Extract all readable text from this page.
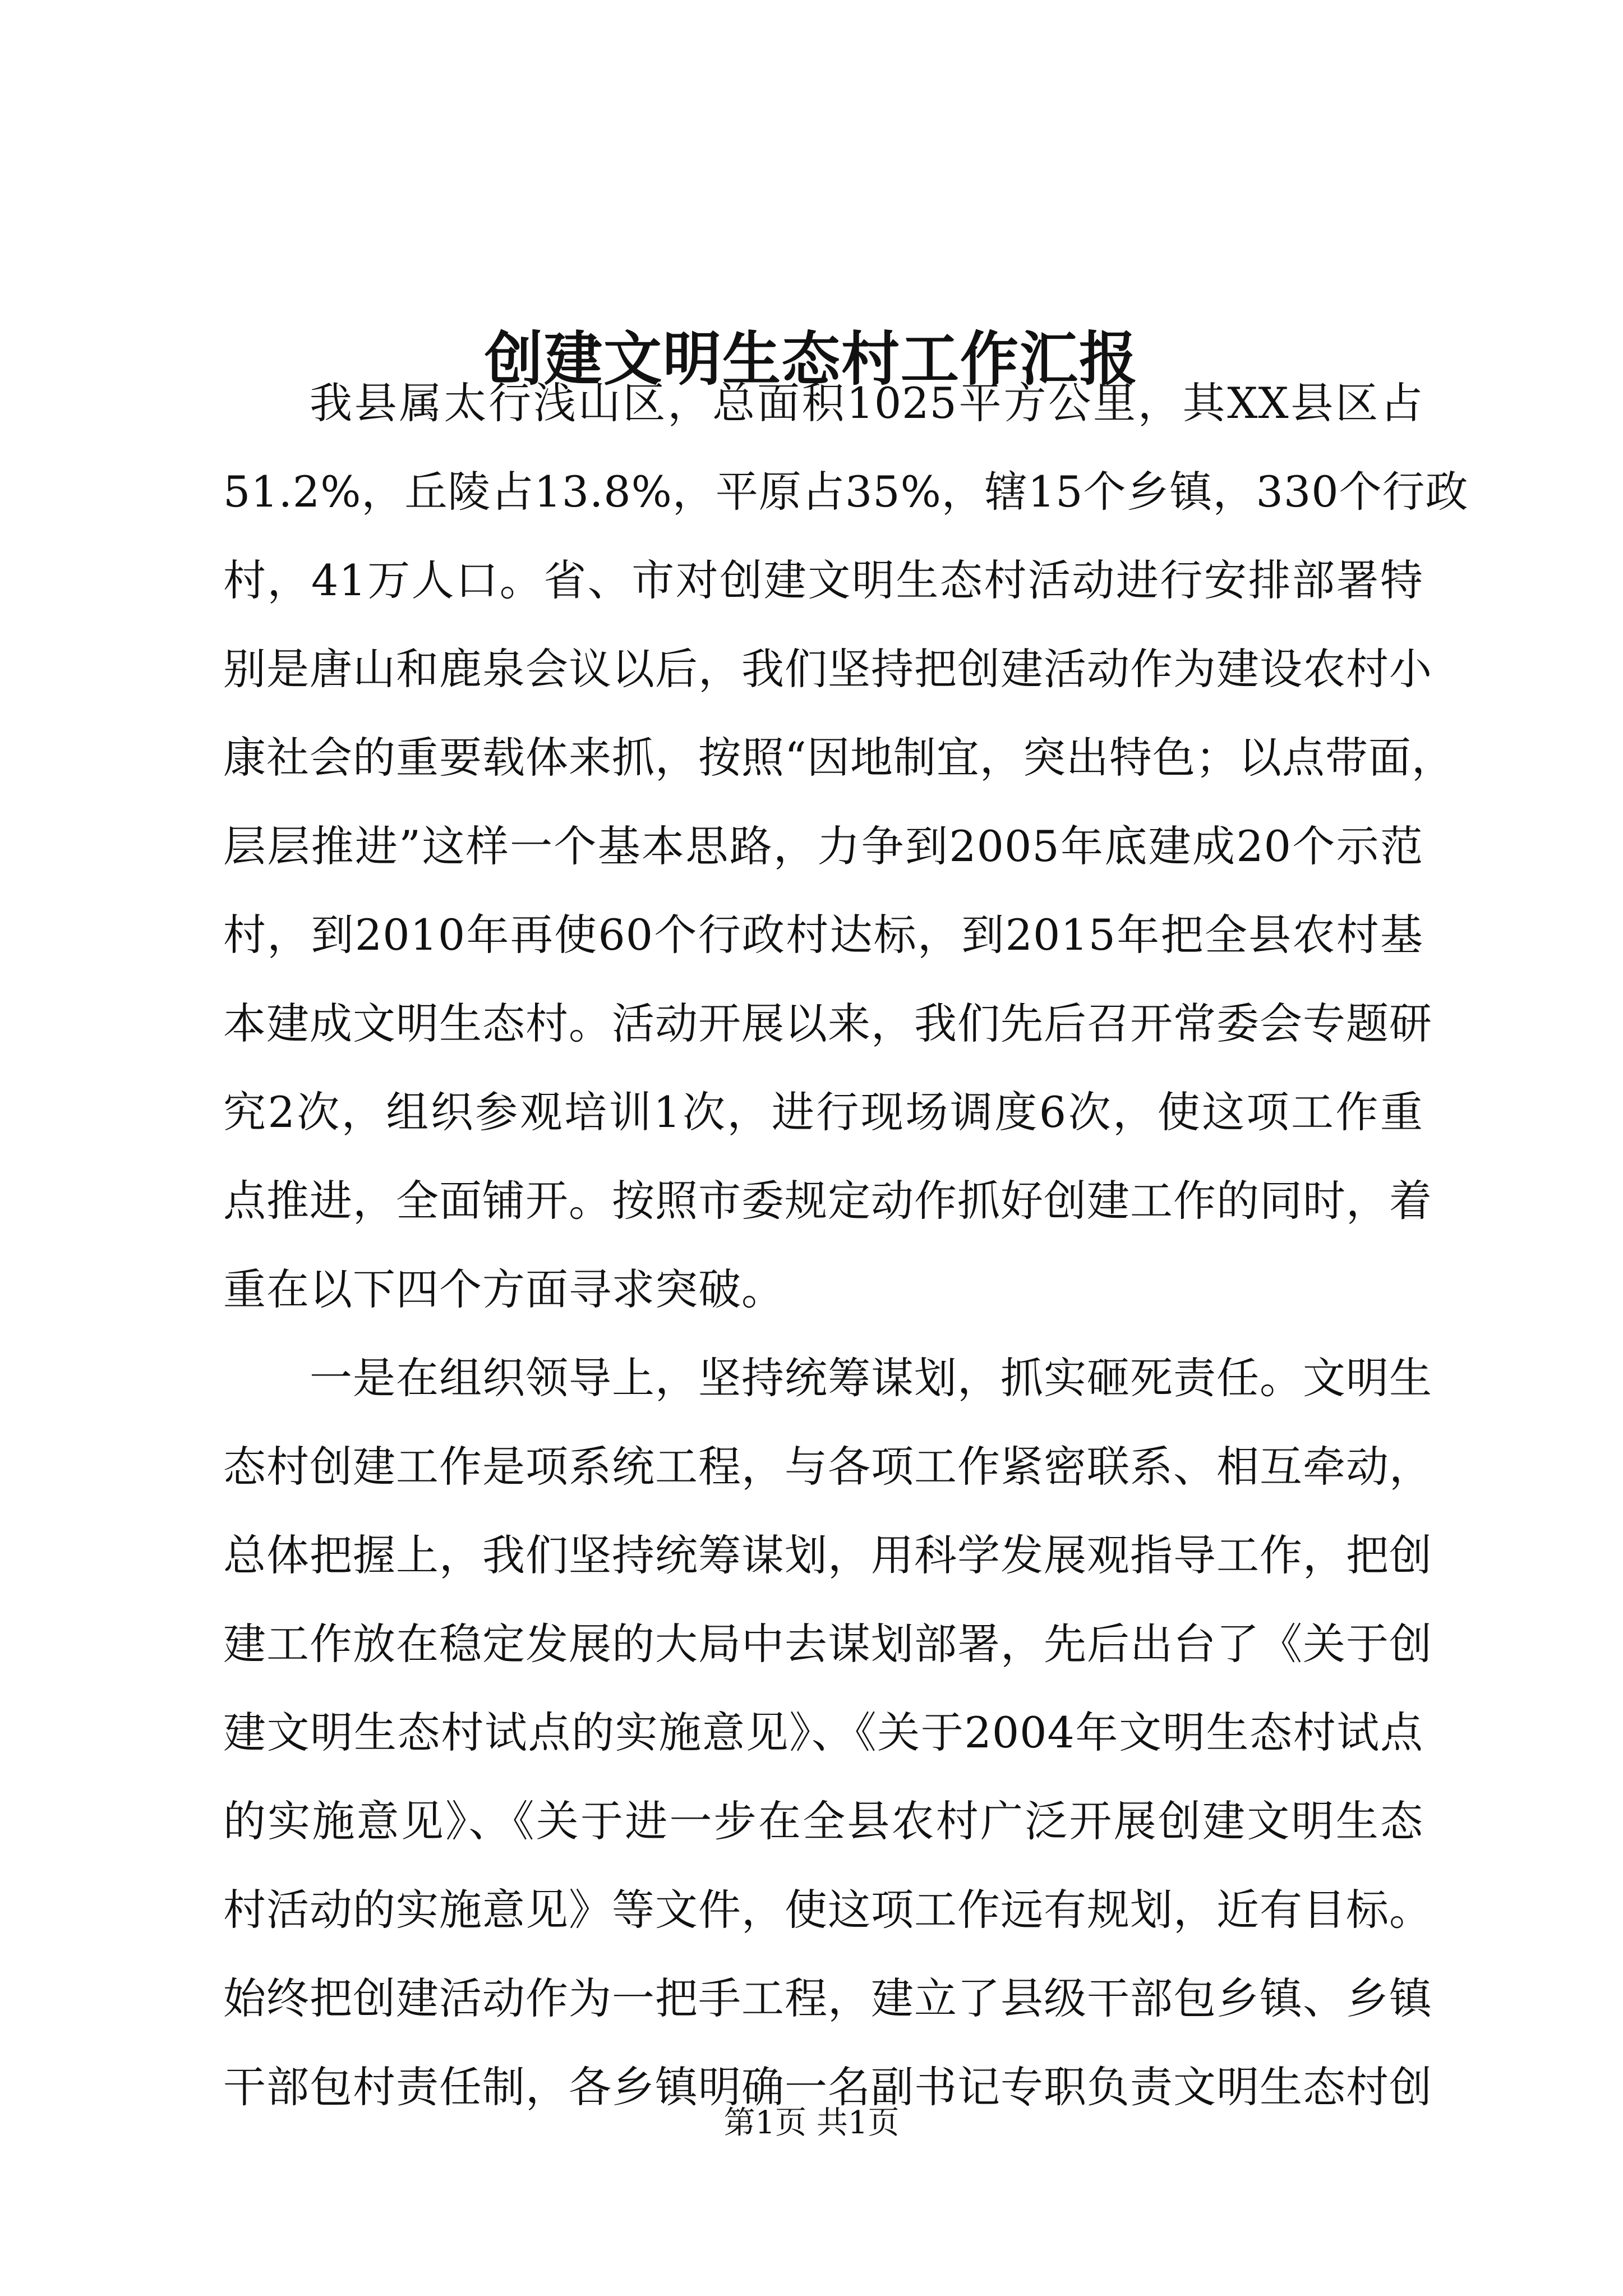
创建文明生态村工作汇报
我县属太行浅山区，总面积1025平方公里，其XX县区占
51.2%，丘陵占13.8%，平原占35%，辖15个乡镇，330个行政
村，41万人口。省、市对创建文明生态村活动进行安排部署特
别是唐山和鹿泉会议以后，我们坚持把创建活动作为建设农村小
康社会的重要载体来抓，按照“因地制宜，突出特色；以点带面，
层层推进”这样一个基本思路，力争到2005年底建成20个示范
村，到2010年再使60个行政村达标，到2015年把全县农村基
本建成文明生态村。活动开展以来，我们先后召开常委会专题研
究2次，组织参观培训1次，进行现场调度6次，使这项工作重
点推进，全面铺开。按照市委规定动作抓好创建工作的同时，着
重在以下四个方面寻求突破。
一是在组织领导上，坚持统筹谋划，抓实砸死责任。文明生
态村创建工作是项系统工程，与各项工作紧密联系、相互牵动，
总体把握上，我们坚持统筹谋划，用科学发展观指导工作，把创
建工作放在稳定发展的大局中去谋划部署，先后出台了《关于创
建文明生态村试点的实施意见》、《关于2004年文明生态村试点
的实施意见》、《关于进一步在全县农村广泛开展创建文明生态
村活动的实施意见》等文件，使这项工作远有规划，近有目标。
始终把创建活动作为一把手工程，建立了县级干部包乡镇、乡镇
干部包村责任制，各乡镇明确一名副书记专职负责文明生态村创
第1页 共1页
